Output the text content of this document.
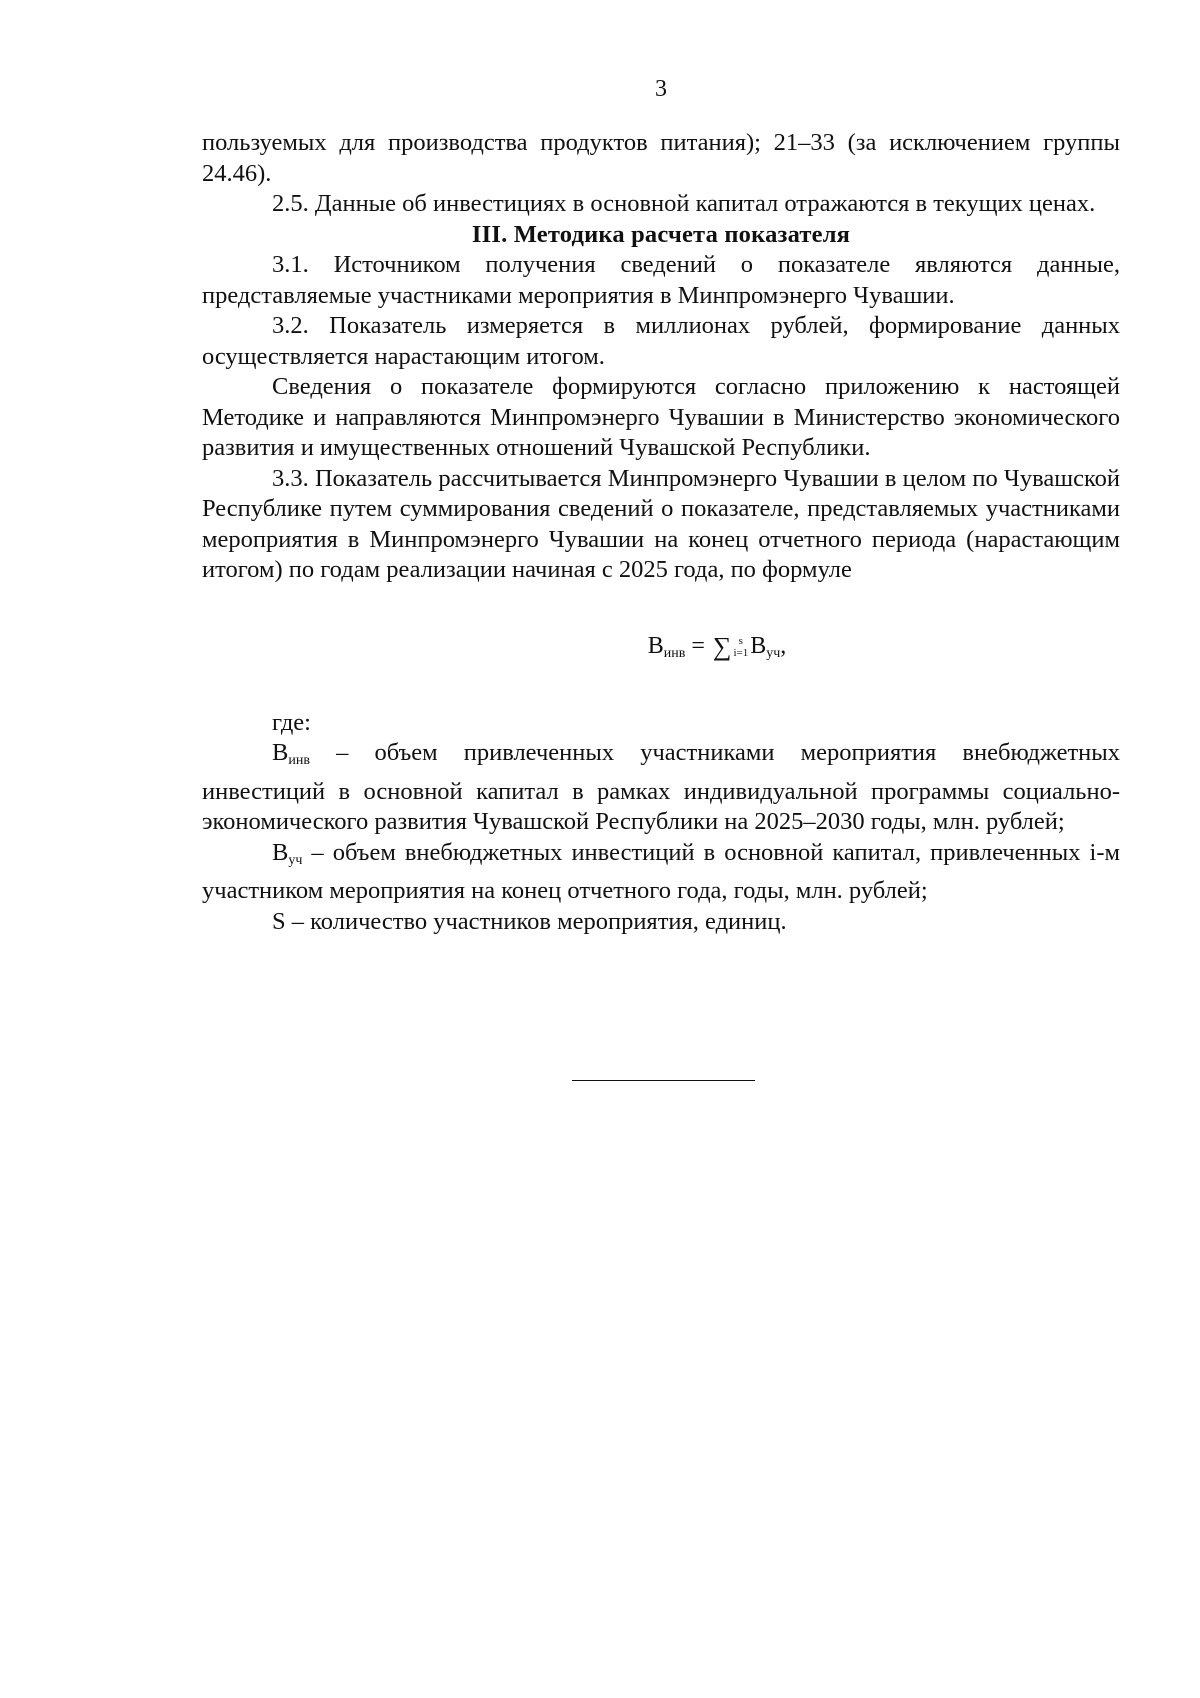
3

пользуемых для производства продуктов питания); 21–33 (за исключением группы 24.46).

2.5. Данные об инвестициях в основной капитал отражаются в текущих ценах.

III. Методика расчета показателя

3.1. Источником получения сведений о показателе являются данные, представляемые участниками мероприятия в Минпромэнерго Чувашии.

3.2. Показатель измеряется в миллионах рублей, формирование данных осуществляется нарастающим итогом.

Сведения о показателе формируются согласно приложению к настоящей Методике и направляются Минпромэнерго Чувашии в Министерство экономического развития и имущественных отношений Чувашской Республики.

3.3. Показатель рассчитывается Минпромэнерго Чувашии в целом по Чувашской Республике путем суммирования сведений о показателе, представляемых участниками мероприятия в Минпромэнерго Чувашии на конец отчетного периода (нарастающим итогом) по годам реализации начиная с 2025 года, по формуле

$В_{инв}$ = ∑ s
i=1 $В_{уч}$,

где:

$В_{инв}$ – объем привлеченных участниками мероприятия внебюджетных инвестиций в основной капитал в рамках индивидуальной программы социально-экономического развития Чувашской Республики на 2025–2030 годы, млн. рублей;

$В_{уч}$ – объем внебюджетных инвестиций в основной капитал, привлеченных i-м участником мероприятия на конец отчетного года, годы, млн. рублей;

S – количество участников мероприятия, единиц.
